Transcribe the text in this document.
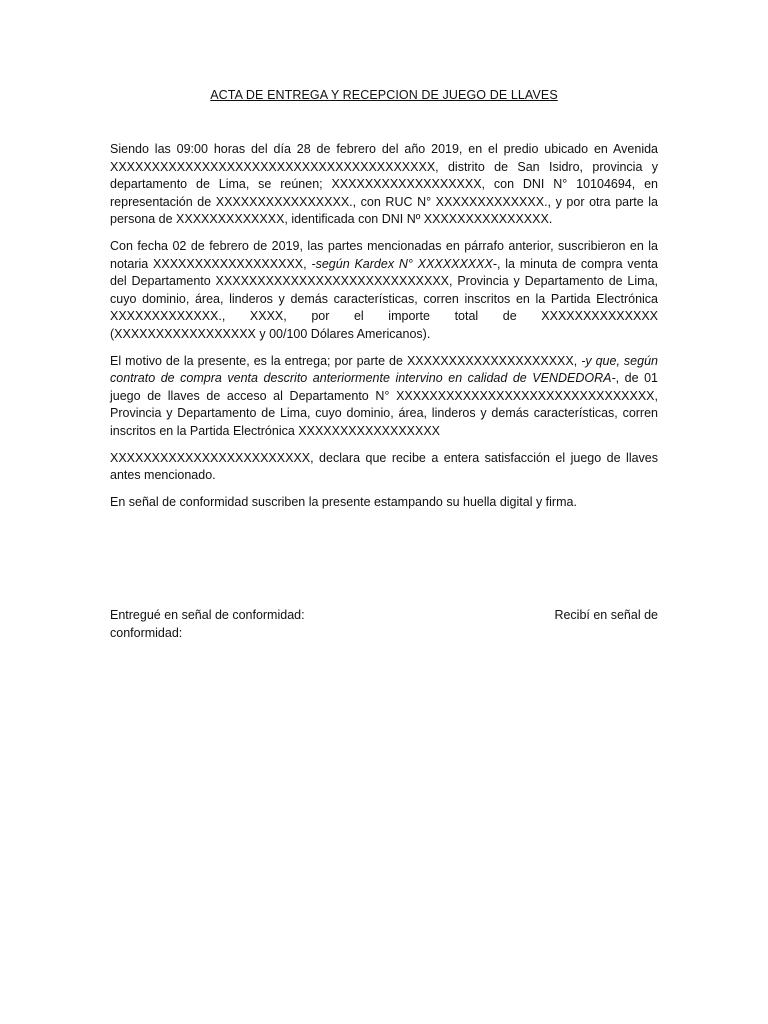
ACTA DE ENTREGA Y RECEPCION DE JUEGO DE LLAVES

Siendo las 09:00 horas del día 28 de febrero del año 2019, en el predio ubicado en Avenida XXXXXXXXXXXXXXXXXXXXXXXXXXXXXXXXXXXXXXX, distrito de San Isidro, provincia y departamento de Lima, se reúnen; XXXXXXXXXXXXXXXXXX, con DNI N° 10104694, en representación de XXXXXXXXXXXXXXXX., con RUC N° XXXXXXXXXXXXX., y por otra parte la persona de XXXXXXXXXXXXX, identificada con DNI Nº XXXXXXXXXXXXXXX.

Con fecha 02 de febrero de 2019, las partes mencionadas en párrafo anterior, suscribieron en la notaria XXXXXXXXXXXXXXXXXX, -según Kardex N° XXXXXXXXX-, la minuta de compra venta del Departamento XXXXXXXXXXXXXXXXXXXXXXXXXXXX, Provincia y Departamento de Lima, cuyo dominio, área, linderos y demás características, corren inscritos en la Partida Electrónica XXXXXXXXXXXXX., XXXX, por el importe total de XXXXXXXXXXXXXX (XXXXXXXXXXXXXXXXX y 00/100 Dólares Americanos).

El motivo de la presente, es la entrega; por parte de XXXXXXXXXXXXXXXXXXXX, -y que, según contrato de compra venta descrito anteriormente intervino en calidad de VENDEDORA-, de 01 juego de llaves de acceso al Departamento N° XXXXXXXXXXXXXXXXXXXXXXXXXXXXXXX, Provincia y Departamento de Lima, cuyo dominio, área, linderos y demás características, corren inscritos en la Partida Electrónica XXXXXXXXXXXXXXXXX

XXXXXXXXXXXXXXXXXXXXXXXX, declara que recibe a entera satisfacción el juego de llaves antes mencionado.

En señal de conformidad suscriben la presente estampando su huella digital y firma.

Entregué en señal de conformidad:	Recibí en señal de
conformidad:
